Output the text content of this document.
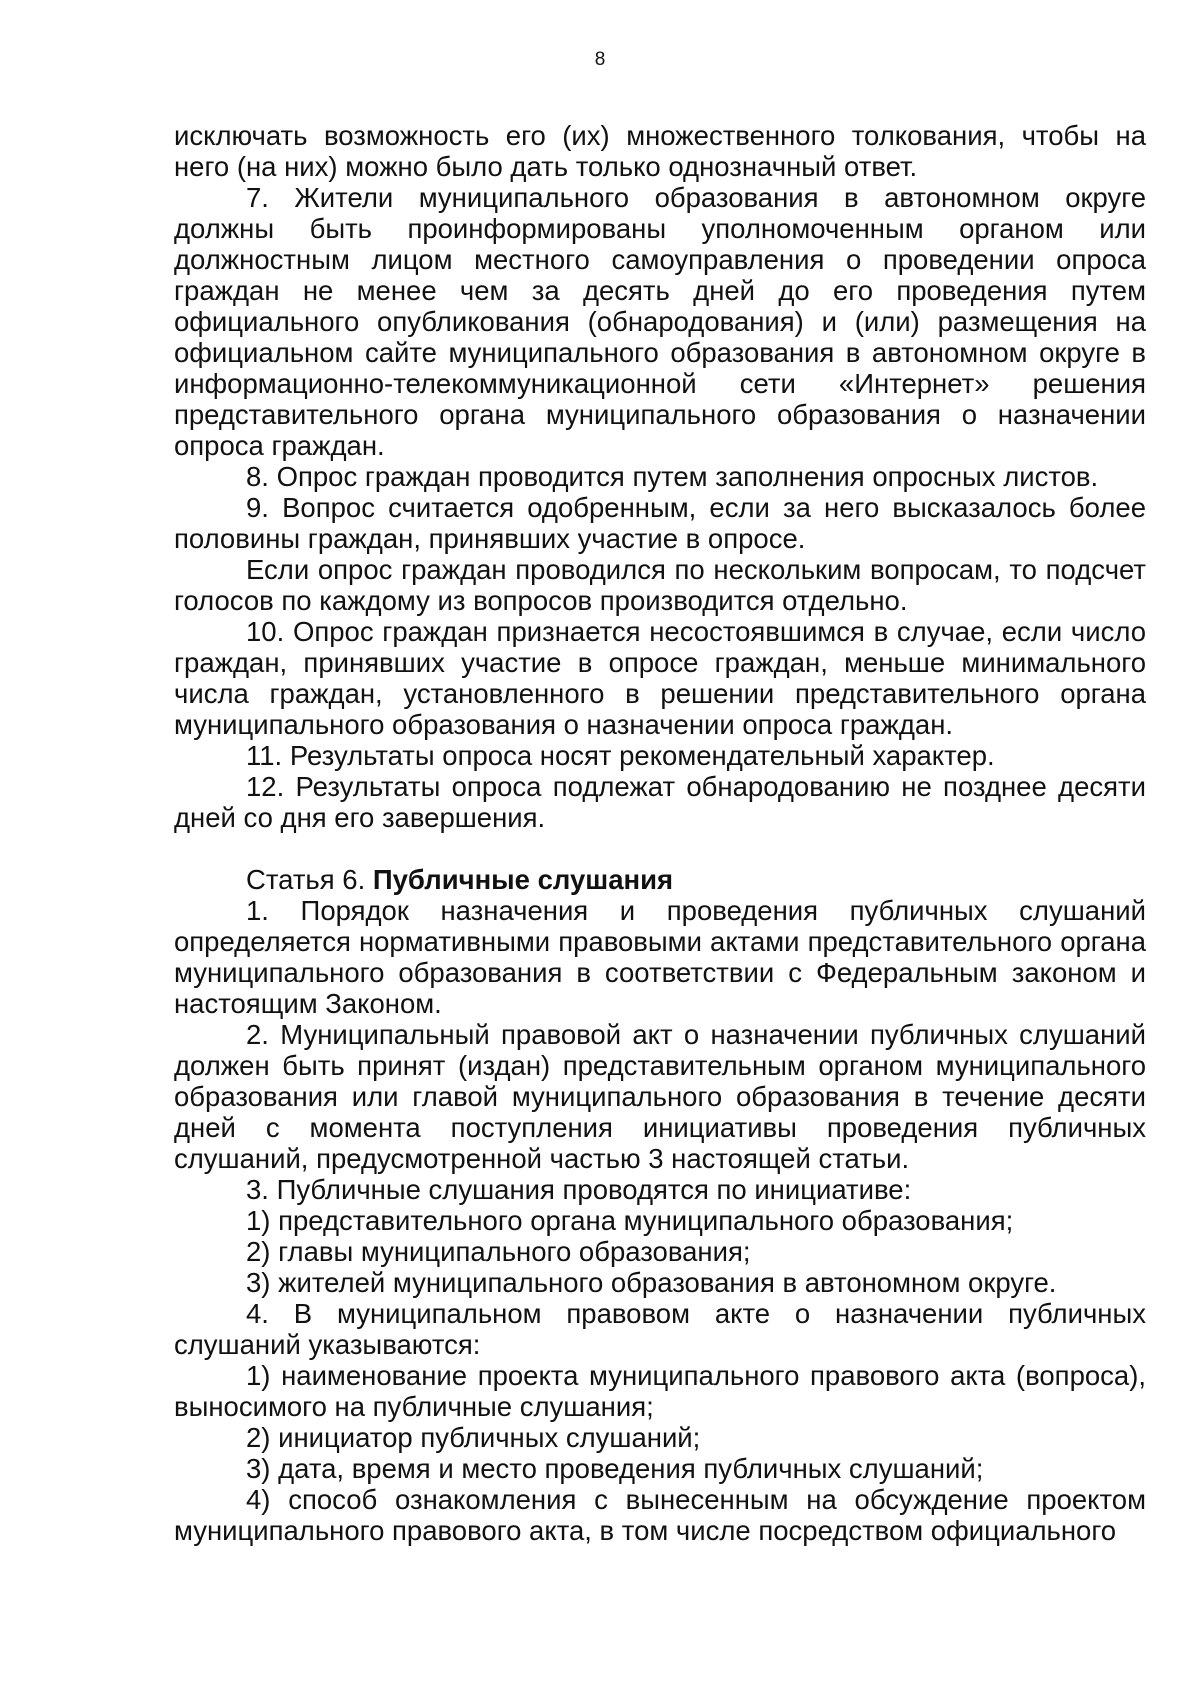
8

исключать возможность его (их) множественного толкования, чтобы на него (на них) можно было дать только однозначный ответ.

7. Жители муниципального образования в автономном округе должны быть проинформированы уполномоченным органом или должностным лицом местного самоуправления о проведении опроса граждан не менее чем за десять дней до его проведения путем официального опубликования (обнародования) и (или) размещения на официальном сайте муниципального образования в автономном округе в информационно-телекоммуникационной сети «Интернет» решения представительного органа муниципального образования о назначении опроса граждан.

8. Опрос граждан проводится путем заполнения опросных листов.

9. Вопрос считается одобренным, если за него высказалось более половины граждан, принявших участие в опросе.

Если опрос граждан проводился по нескольким вопросам, то подсчет голосов по каждому из вопросов производится отдельно.

10. Опрос граждан признается несостоявшимся в случае, если число граждан, принявших участие в опросе граждан, меньше минимального числа граждан, установленного в решении представительного органа муниципального образования о назначении опроса граждан.

11. Результаты опроса носят рекомендательный характер.

12. Результаты опроса подлежат обнародованию не позднее десяти дней со дня его завершения.

Статья 6. Публичные слушания

1. Порядок назначения и проведения публичных слушаний определяется нормативными правовыми актами представительного органа муниципального образования в соответствии с Федеральным законом и настоящим Законом.

2. Муниципальный правовой акт о назначении публичных слушаний должен быть принят (издан) представительным органом муниципального образования или главой муниципального образования в течение десяти дней с момента поступления инициативы проведения публичных слушаний, предусмотренной частью 3 настоящей статьи.

3. Публичные слушания проводятся по инициативе:

1) представительного органа муниципального образования;

2) главы муниципального образования;

3) жителей муниципального образования в автономном округе.

4. В муниципальном правовом акте о назначении публичных слушаний указываются:

1) наименование проекта муниципального правового акта (вопроса), выносимого на публичные слушания;

2) инициатор публичных слушаний;

3) дата, время и место проведения публичных слушаний;

4) способ ознакомления с вынесенным на обсуждение проектом муниципального правового акта, в том числе посредством официального
